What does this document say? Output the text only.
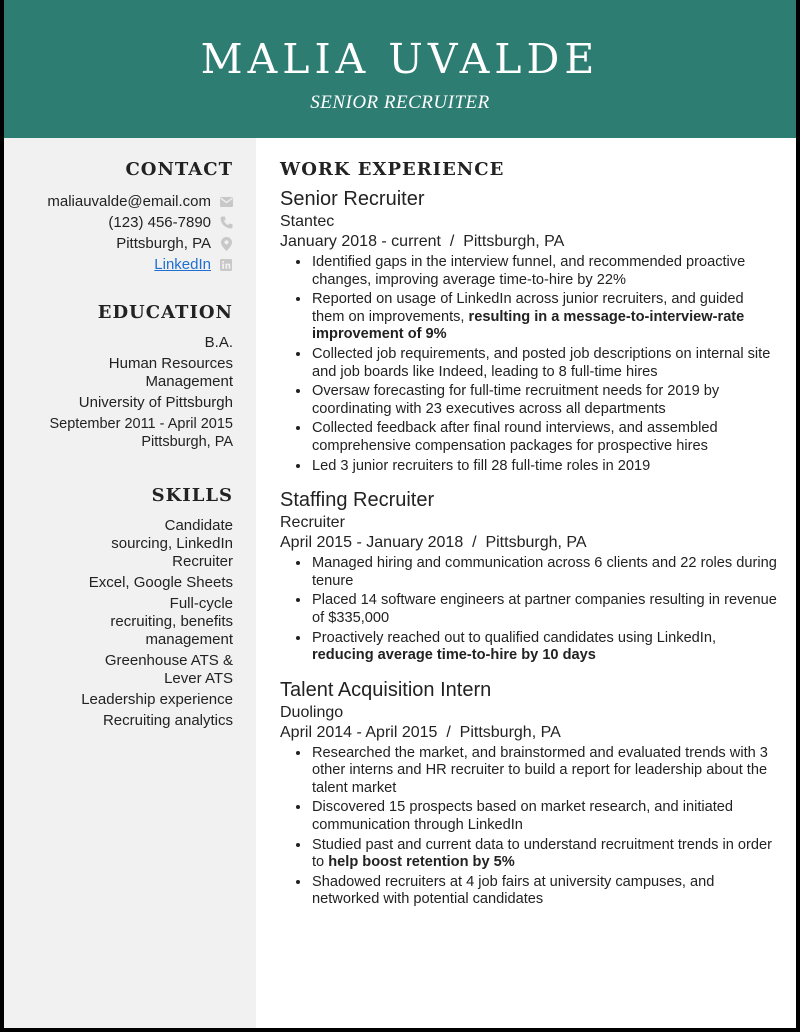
MALIA UVALDE
SENIOR RECRUITER
CONTACT
maliauvalde@email.com
(123) 456-7890
Pittsburgh, PA
LinkedIn
EDUCATION
B.A.
Human Resources Management
University of Pittsburgh
September 2011 - April 2015
Pittsburgh, PA
SKILLS
Candidate sourcing, LinkedIn Recruiter
Excel, Google Sheets
Full-cycle recruiting, benefits management
Greenhouse ATS & Lever ATS
Leadership experience
Recruiting analytics
WORK EXPERIENCE
Senior Recruiter
Stantec
January 2018 - current  /  Pittsburgh, PA
• Identified gaps in the interview funnel, and recommended proactive changes, improving average time-to-hire by 22%
• Reported on usage of LinkedIn across junior recruiters, and guided them on improvements, resulting in a message-to-interview-rate improvement of 9%
• Collected job requirements, and posted job descriptions on internal site and job boards like Indeed, leading to 8 full-time hires
• Oversaw forecasting for full-time recruitment needs for 2019 by coordinating with 23 executives across all departments
• Collected feedback after final round interviews, and assembled comprehensive compensation packages for prospective hires
• Led 3 junior recruiters to fill 28 full-time roles in 2019
Staffing Recruiter
Recruiter
April 2015 - January 2018  /  Pittsburgh, PA
• Managed hiring and communication across 6 clients and 22 roles during tenure
• Placed 14 software engineers at partner companies resulting in revenue of $335,000
• Proactively reached out to qualified candidates using LinkedIn, reducing average time-to-hire by 10 days
Talent Acquisition Intern
Duolingo
April 2014 - April 2015  /  Pittsburgh, PA
• Researched the market, and brainstormed and evaluated trends with 3 other interns and HR recruiter to build a report for leadership about the talent market
• Discovered 15 prospects based on market research, and initiated communication through LinkedIn
• Studied past and current data to understand recruitment trends in order to help boost retention by 5%
• Shadowed recruiters at 4 job fairs at university campuses, and networked with potential candidates
